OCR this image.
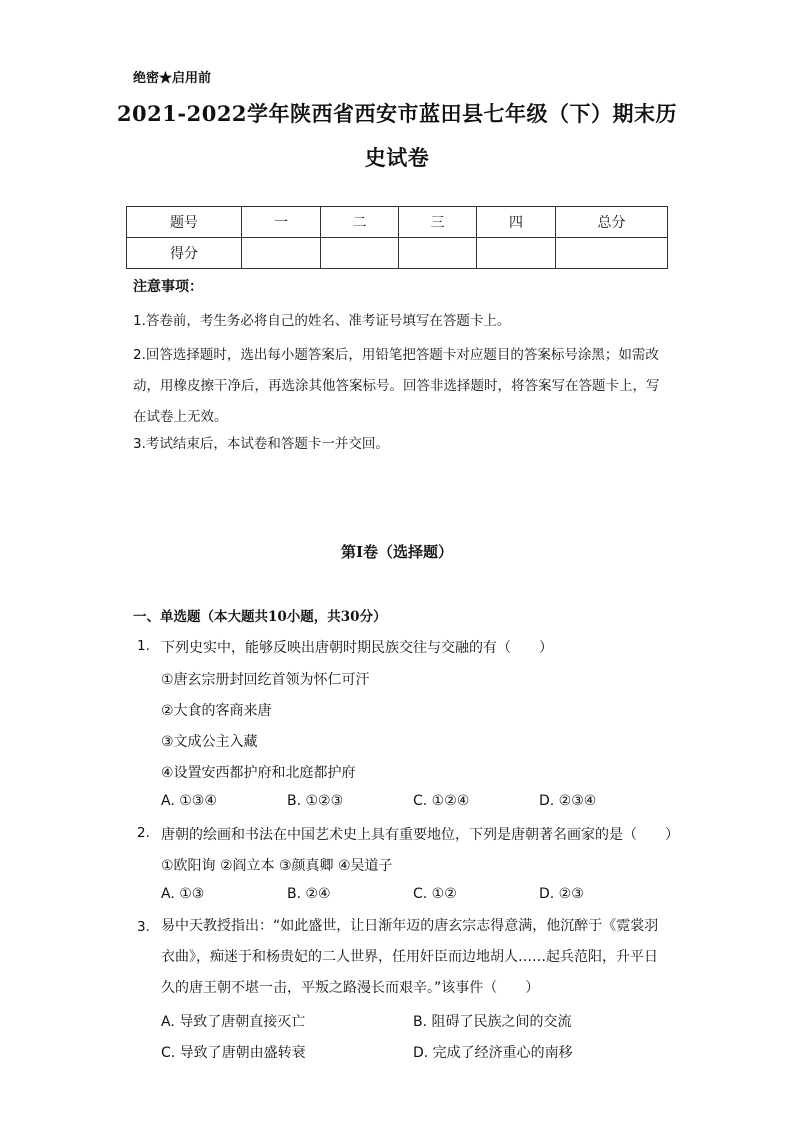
绝密★启用前
2021-2022学年陕西省西安市蓝田县七年级（下）期末历
史试卷
题号	一	二	三	四	总分
得分					
注意事项：
1.答卷前，考生务必将自己的姓名、准考证号填写在答题卡上。
2.回答选择题时，选出每小题答案后，用铅笔把答题卡对应题目的答案标号涂黑；如需改动，用橡皮擦干净后，再选涂其他答案标号。回答非选择题时，将答案写在答题卡上，写在试卷上无效。
3.考试结束后，本试卷和答题卡一并交回。
第I卷（选择题）
一、单选题（本大题共10小题，共30分）
1. 下列史实中，能够反映出唐朝时期民族交往与交融的有（　　）
①唐玄宗册封回纥首领为怀仁可汗
②大食的客商来唐
③文成公主入藏
④设置安西都护府和北庭都护府
A. ①③④	B. ①②③	C. ①②④	D. ②③④
2. 唐朝的绘画和书法在中国艺术史上具有重要地位，下列是唐朝著名画家的是（　　）
①欧阳询 ②阎立本 ③颜真卿 ④吴道子
A. ①③	B. ②④	C. ①②	D. ②③
3. 易中天教授指出：“如此盛世，让日渐年迈的唐玄宗志得意满，他沉醉于《霓裳羽衣曲》，痴迷于和杨贵妃的二人世界，任用奸臣而边地胡人……起兵范阳，升平日久的唐王朝不堪一击，平叛之路漫长而艰辛。”该事件（　　）
A. 导致了唐朝直接灭亡	B. 阻碍了民族之间的交流
C. 导致了唐朝由盛转衰	D. 完成了经济重心的南移
